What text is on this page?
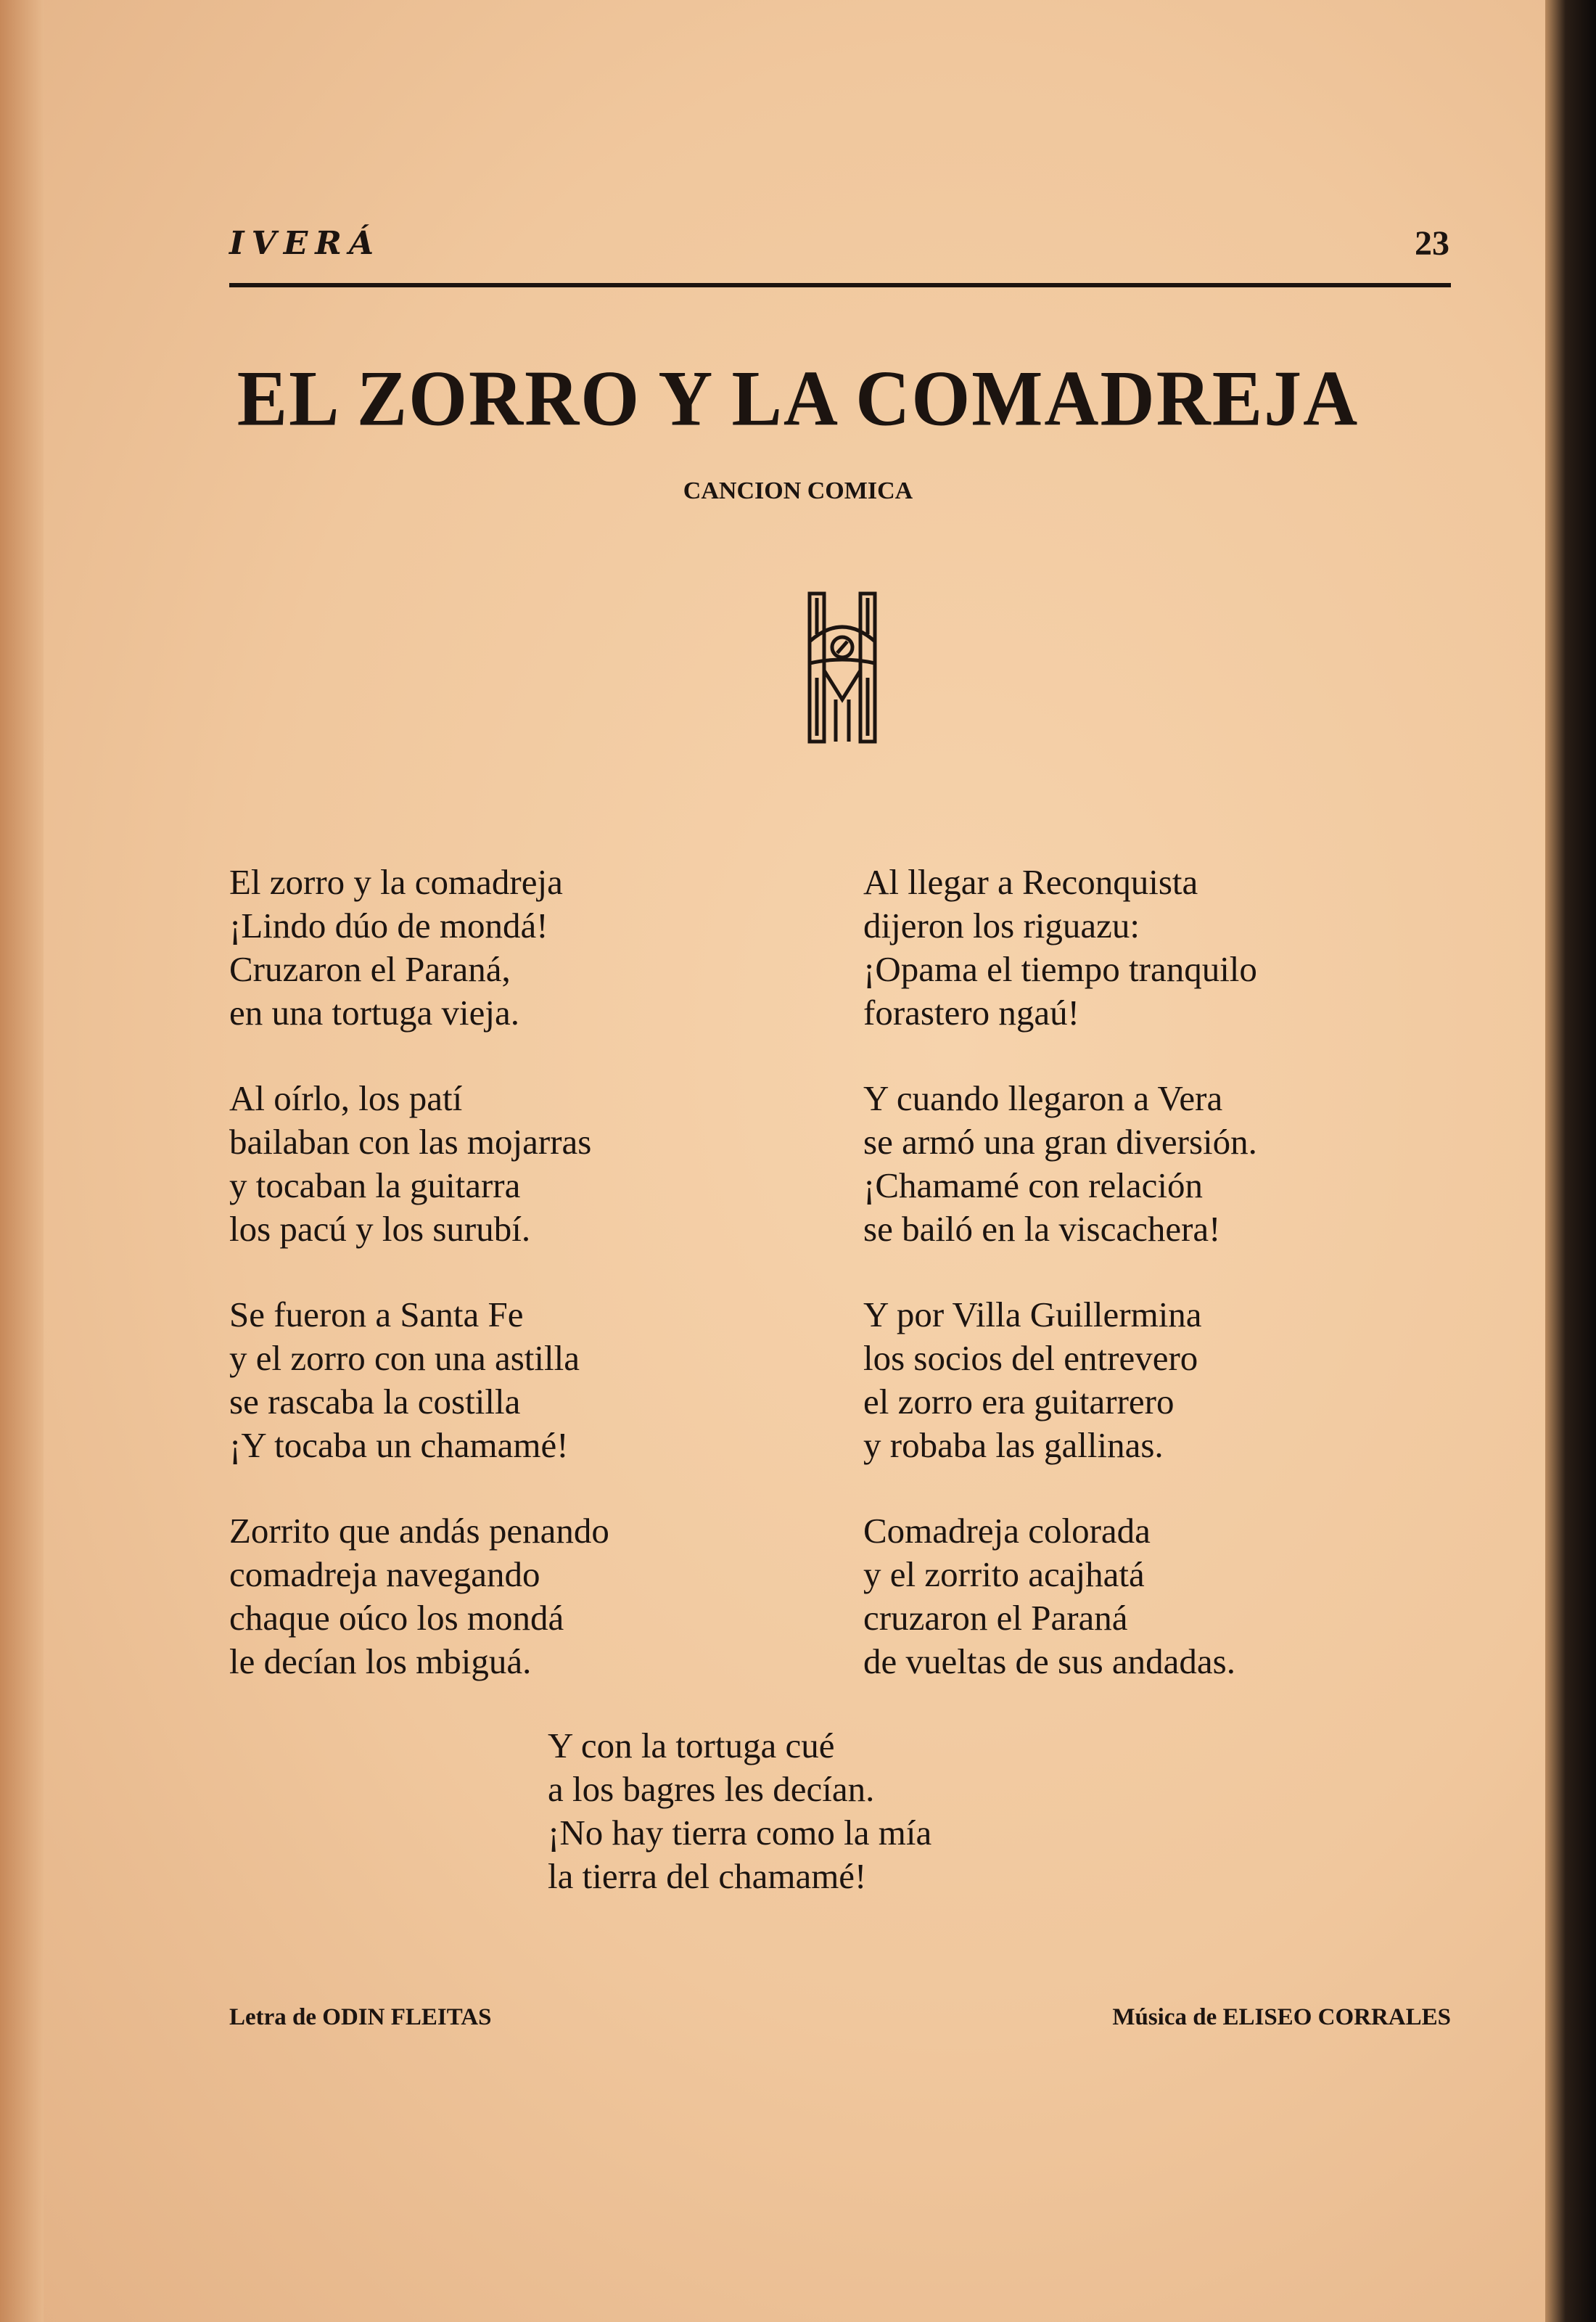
IVERÁ	23
EL ZORRO Y LA COMADREJA
CANCION COMICA
El zorro y la comadreja
¡Lindo dúo de mondá!
Cruzaron el Paraná,
en una tortuga vieja.
Al oírlo, los patí
bailaban con las mojarras
y tocaban la guitarra
los pacú y los surubí.
Se fueron a Santa Fe
y el zorro con una astilla
se rascaba la costilla
¡Y tocaba un chamamé!
Zorrito que andás penando
comadreja navegando
chaque oúco los mondá
le decían los mbiguá.
Al llegar a Reconquista
dijeron los riguazu:
¡Opama el tiempo tranquilo
forastero ngaú!
Y cuando llegaron a Vera
se armó una gran diversión.
¡Chamamé con relación
se bailó en la viscachera!
Y por Villa Guillermina
los socios del entrevero
el zorro era guitarrero
y robaba las gallinas.
Comadreja colorada
y el zorrito acajhatá
cruzaron el Paraná
de vueltas de sus andadas.
Y con la tortuga cué
a los bagres les decían.
¡No hay tierra como la mía
la tierra del chamamé!
Letra de ODIN FLEITAS	Música de ELISEO CORRALES
